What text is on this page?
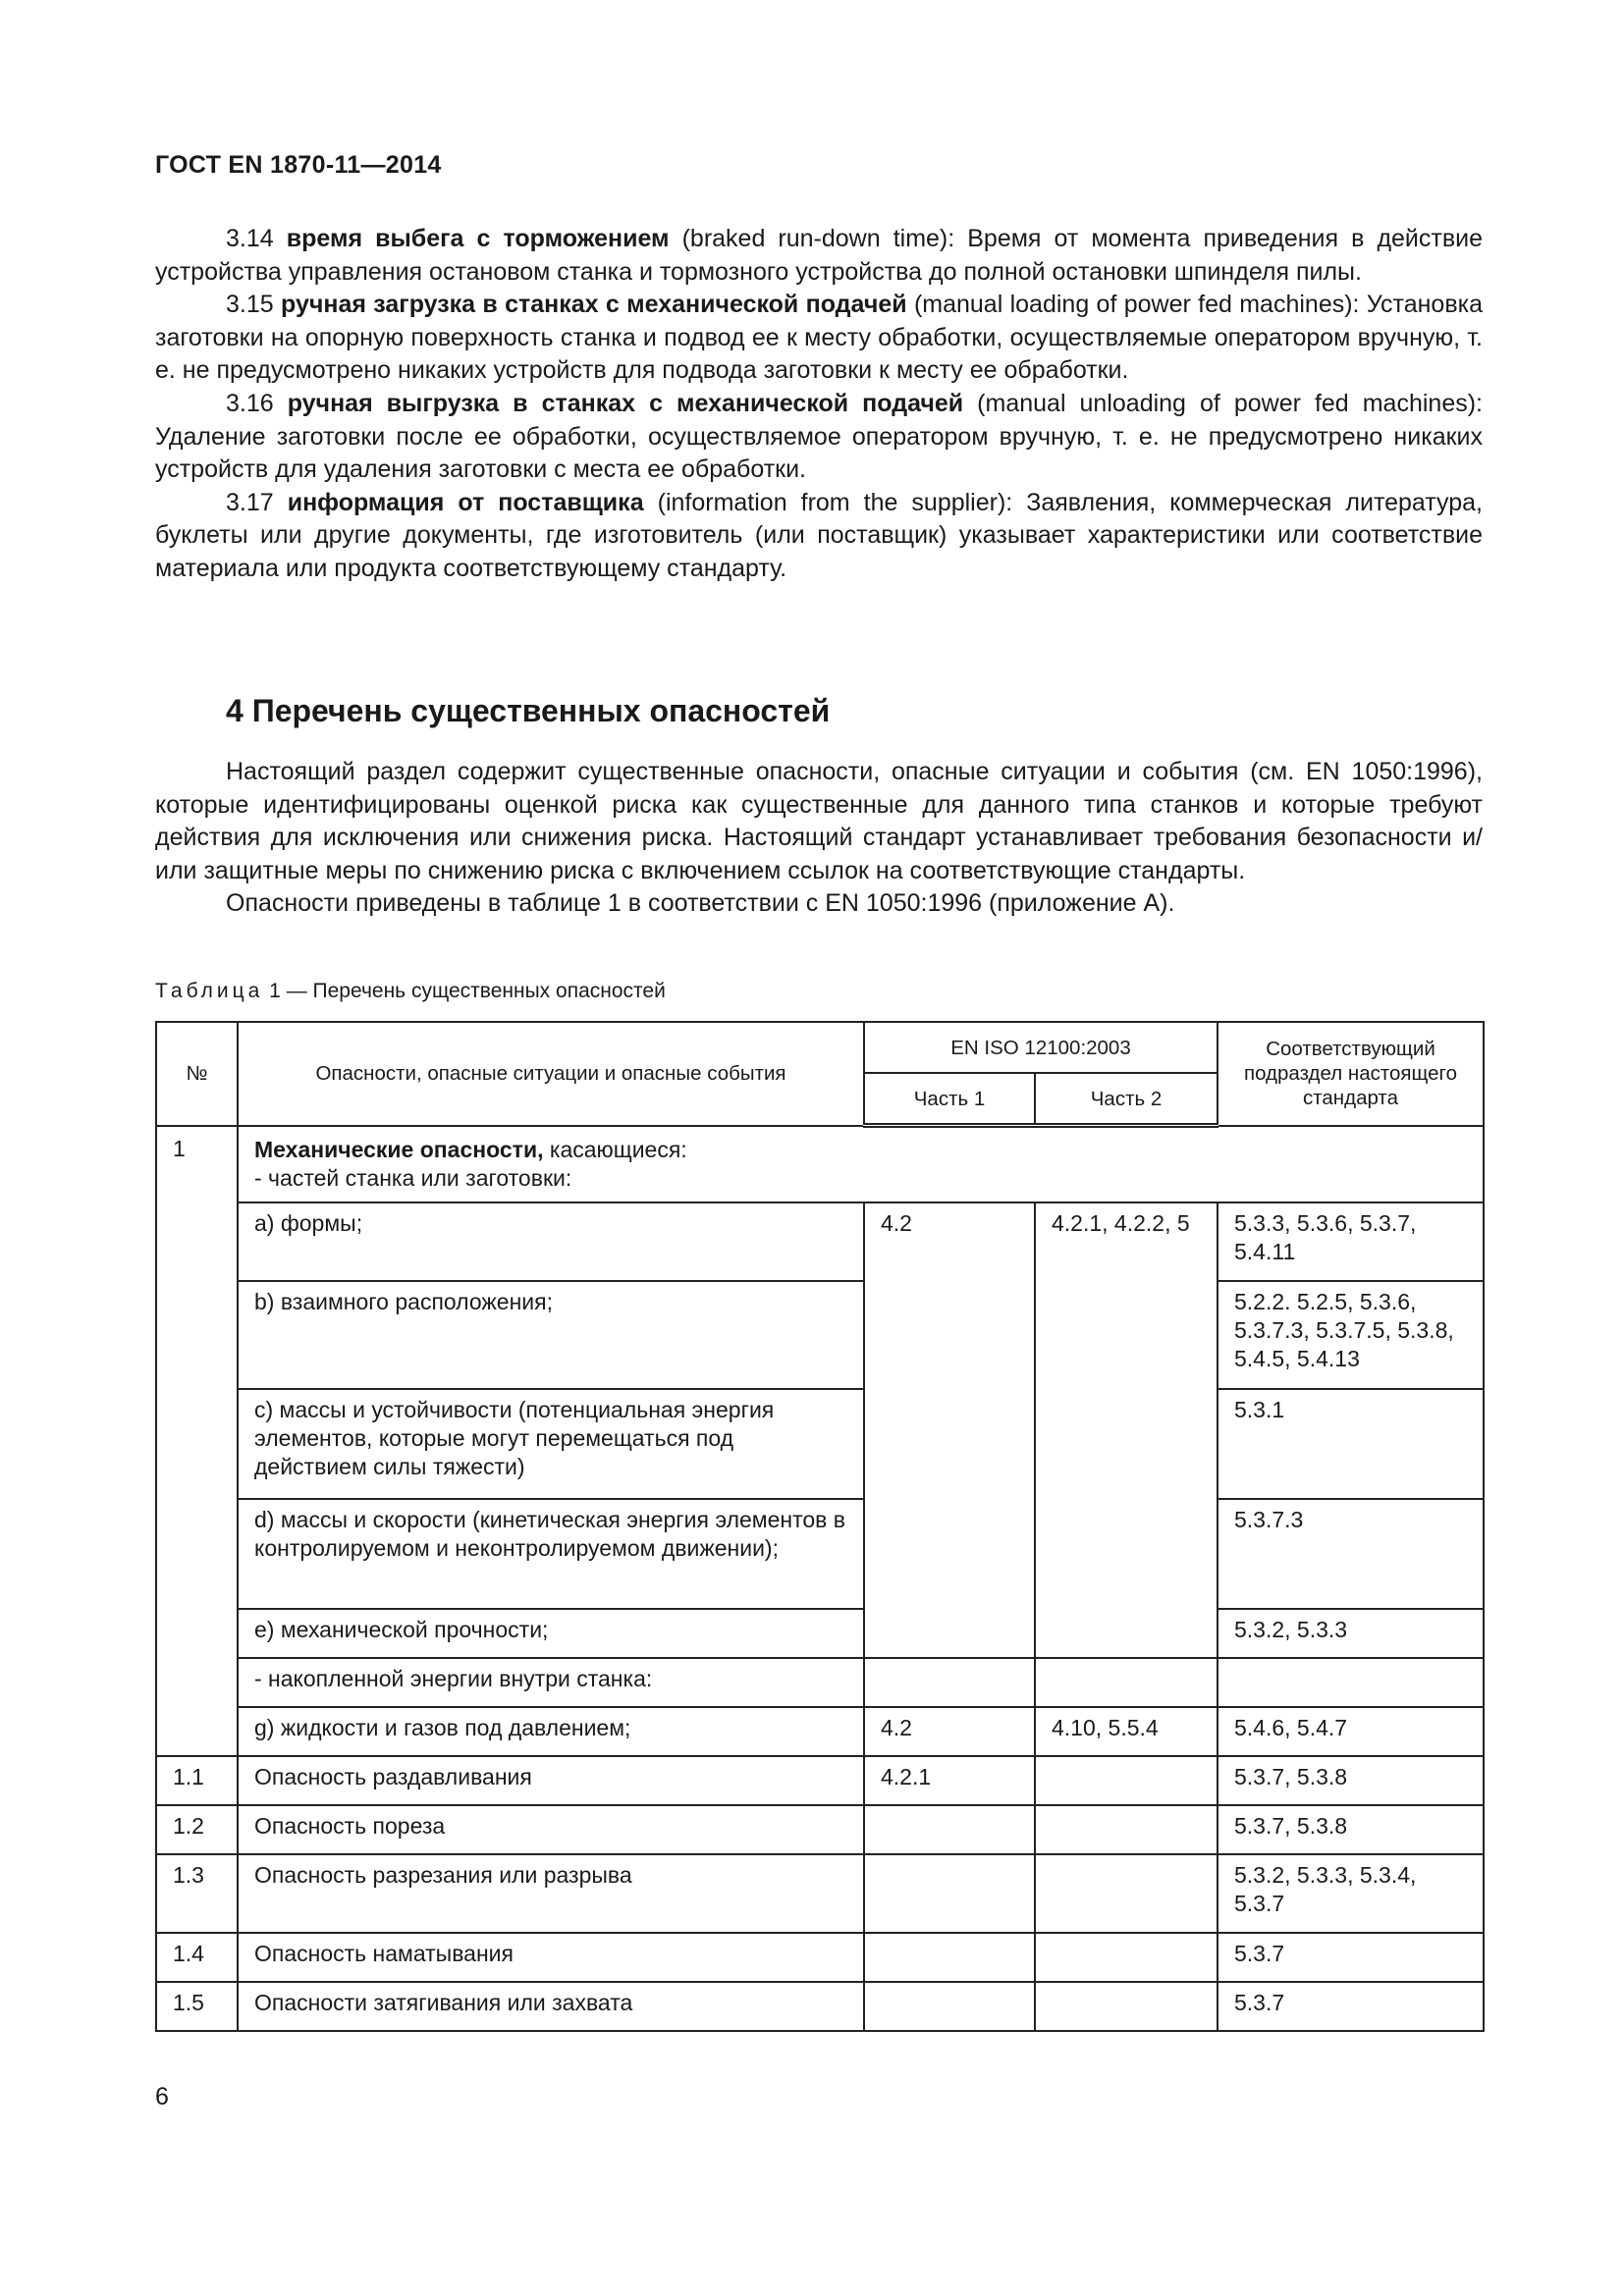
ГОСТ EN 1870-11—2014

3.14 время выбега с торможением (braked run-down time): Время от момента приведения в действие устройства управления остановом станка и тормозного устройства до полной остановки шпинделя пилы.

3.15 ручная загрузка в станках с механической подачей (manual loading of power fed machines): Установка заготовки на опорную поверхность станка и подвод ее к месту обработки, осуществляемые оператором вручную, т. е. не предусмотрено никаких устройств для подвода заготовки к месту ее обработки.

3.16 ручная выгрузка в станках с механической подачей (manual unloading of power fed machines): Удаление заготовки после ее обработки, осуществляемое оператором вручную, т. е. не предусмотрено никаких устройств для удаления заготовки с места ее обработки.

3.17 информация от поставщика (information from the supplier): Заявления, коммерческая литература, буклеты или другие документы, где изготовитель (или поставщик) указывает характеристики или соответствие материала или продукта соответствующему стандарту.

4 Перечень существенных опасностей

Настоящий раздел содержит существенные опасности, опасные ситуации и события (см. EN 1050:1996), которые идентифицированы оценкой риска как существенные для данного типа станков и которые требуют действия для исключения или снижения риска. Настоящий стандарт устанавливает требования безопасности и/или защитные меры по снижению риска с включением ссылок на соответствующие стандарты.

Опасности приведены в таблице 1 в соответствии с EN 1050:1996 (приложение А).

Таблица 1 — Перечень существенных опасностей
№	Опасности, опасные ситуации и опасные события	EN ISO 12100:2003		Соответствующий подраздел настоящего стандарта
		Часть 1	Часть 2	
1	Механические опасности, касающиеся:
- частей станка или заготовки:			
	a) формы;	4.2	4.2.1, 4.2.2, 5	5.3.3, 5.3.6, 5.3.7, 5.4.11
	b) взаимного расположения;			5.2.2. 5.2.5, 5.3.6, 5.3.7.3, 5.3.7.5, 5.3.8, 5.4.5, 5.4.13
	c) массы и устойчивости (потенциальная энергия элементов, которые могут перемещаться под действием силы тяжести)			5.3.1
	d) массы и скорости (кинетическая энергия элементов в контролируемом и неконтролируемом движении);			5.3.7.3
	e) механической прочности;			5.3.2, 5.3.3
	- накопленной энергии внутри станка:			
	g) жидкости и газов под давлением;	4.2	4.10, 5.5.4	5.4.6, 5.4.7

1.1	Опасность раздавливания	4.2.1		5.3.7, 5.3.8
1.2	Опасность пореза			5.3.7, 5.3.8
1.3	Опасность разрезания или разрыва			5.3.2, 5.3.3, 5.3.4, 5.3.7
1.4	Опасность наматывания			5.3.7
1.5	Опасности затягивания или захвата			5.3.7
6
